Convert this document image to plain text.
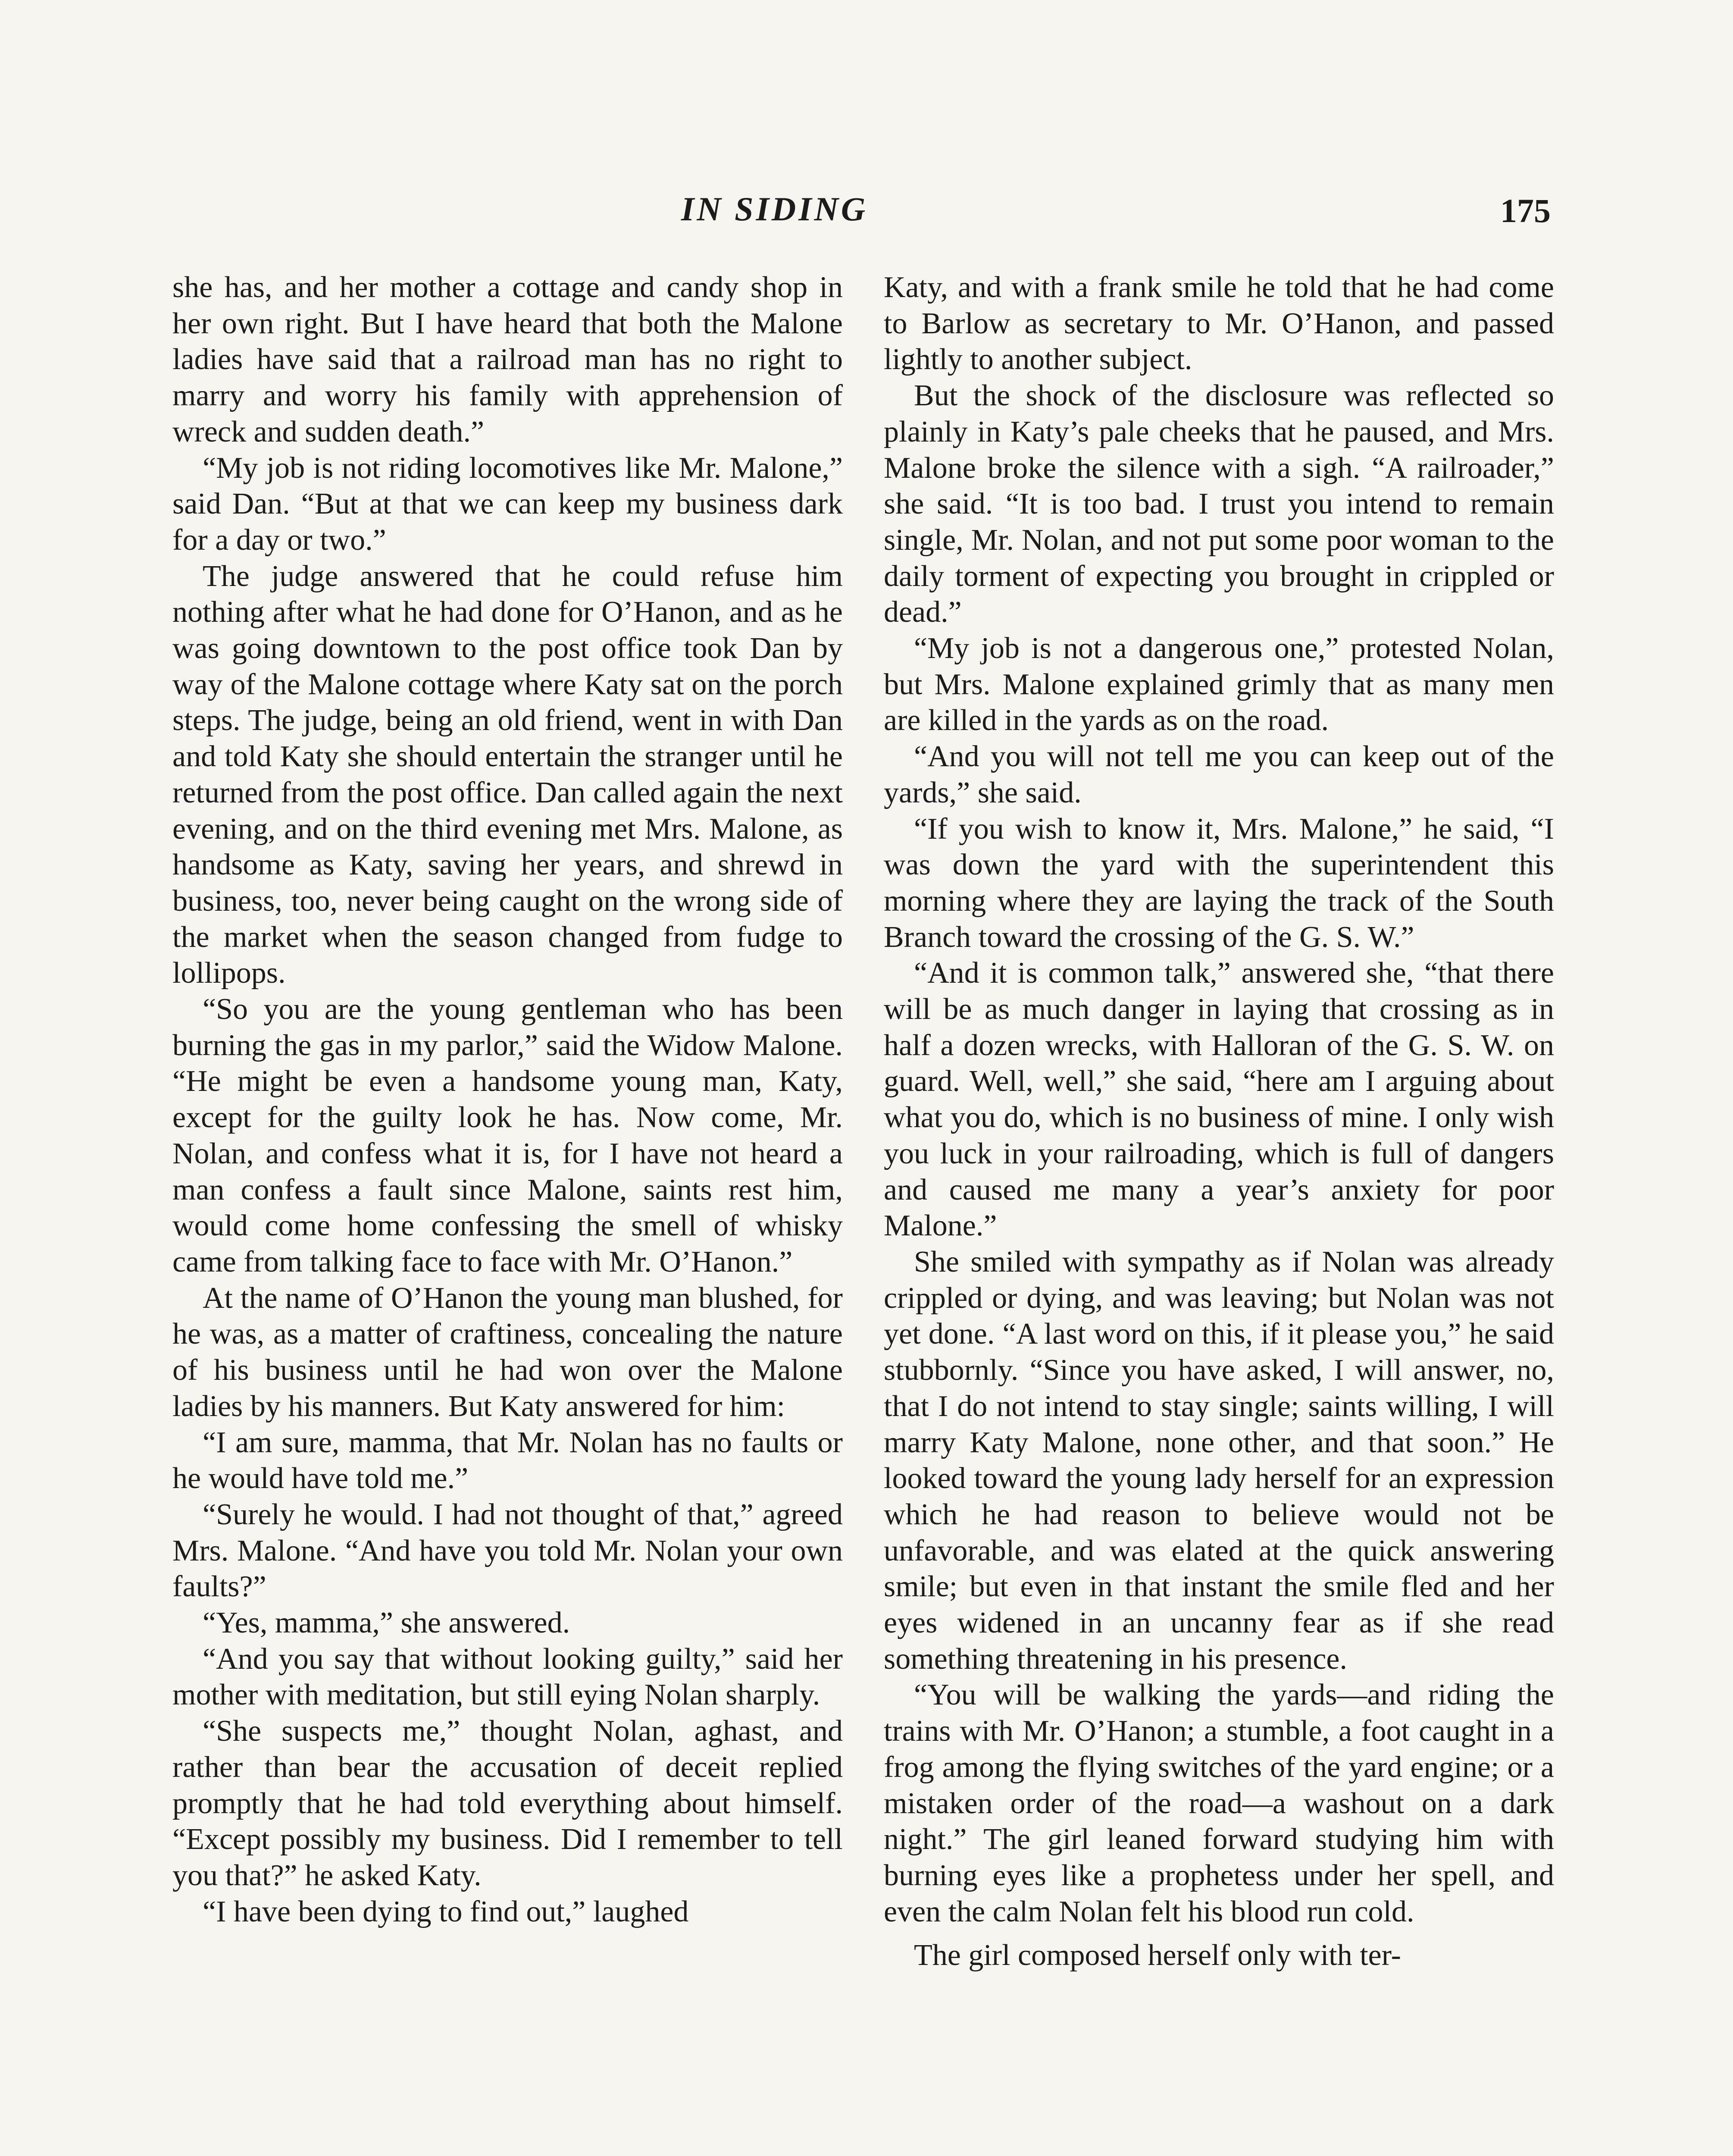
IN SIDING	175

she has, and her mother a cottage and candy shop in her own right. But I have heard that both the Malone ladies have said that a railroad man has no right to marry and worry his family with apprehension of wreck and sudden death.”

“My job is not riding locomotives like Mr. Malone,” said Dan. “But at that we can keep my business dark for a day or two.”

The judge answered that he could refuse him nothing after what he had done for O’Hanon, and as he was going downtown to the post office took Dan by way of the Malone cottage where Katy sat on the porch steps. The judge, being an old friend, went in with Dan and told Katy she should entertain the stranger until he returned from the post office. Dan called again the next evening, and on the third evening met Mrs. Malone, as handsome as Katy, saving her years, and shrewd in business, too, never being caught on the wrong side of the market when the season changed from fudge to lollipops.

“So you are the young gentleman who has been burning the gas in my parlor,” said the Widow Malone. “He might be even a handsome young man, Katy, except for the guilty look he has. Now come, Mr. Nolan, and confess what it is, for I have not heard a man confess a fault since Malone, saints rest him, would come home confessing the smell of whisky came from talking face to face with Mr. O’Hanon.”

At the name of O’Hanon the young man blushed, for he was, as a matter of craftiness, concealing the nature of his business until he had won over the Malone ladies by his manners. But Katy answered for him:

“I am sure, mamma, that Mr. Nolan has no faults or he would have told me.”

“Surely he would. I had not thought of that,” agreed Mrs. Malone. “And have you told Mr. Nolan your own faults?”

“Yes, mamma,” she answered.

“And you say that without looking guilty,” said her mother with meditation, but still eying Nolan sharply.

“She suspects me,” thought Nolan, aghast, and rather than bear the accusation of deceit replied promptly that he had told everything about himself. “Except possibly my business. Did I remember to tell you that?” he asked Katy.

“I have been dying to find out,” laughed

Katy, and with a frank smile he told that he had come to Barlow as secretary to Mr. O’Hanon, and passed lightly to another subject.

But the shock of the disclosure was reflected so plainly in Katy’s pale cheeks that he paused, and Mrs. Malone broke the silence with a sigh. “A railroader,” she said. “It is too bad. I trust you intend to remain single, Mr. Nolan, and not put some poor woman to the daily torment of expecting you brought in crippled or dead.”

“My job is not a dangerous one,” protested Nolan, but Mrs. Malone explained grimly that as many men are killed in the yards as on the road.

“And you will not tell me you can keep out of the yards,” she said.

“If you wish to know it, Mrs. Malone,” he said, “I was down the yard with the superintendent this morning where they are laying the track of the South Branch toward the crossing of the G. S. W.”

“And it is common talk,” answered she, “that there will be as much danger in laying that crossing as in half a dozen wrecks, with Halloran of the G. S. W. on guard. Well, well,” she said, “here am I arguing about what you do, which is no business of mine. I only wish you luck in your railroading, which is full of dangers and caused me many a year’s anxiety for poor Malone.”

She smiled with sympathy as if Nolan was already crippled or dying, and was leaving; but Nolan was not yet done. “A last word on this, if it please you,” he said stubbornly. “Since you have asked, I will answer, no, that I do not intend to stay single; saints willing, I will marry Katy Malone, none other, and that soon.” He looked toward the young lady herself for an expression which he had reason to believe would not be unfavorable, and was elated at the quick answering smile; but even in that instant the smile fled and her eyes widened in an uncanny fear as if she read something threatening in his presence.

“You will be walking the yards—and riding the trains with Mr. O’Hanon; a stumble, a foot caught in a frog among the flying switches of the yard engine; or a mistaken order of the road—a washout on a dark night.” The girl leaned forward studying him with burning eyes like a prophetess under her spell, and even the calm Nolan felt his blood run cold.

The girl composed herself only with ter-
